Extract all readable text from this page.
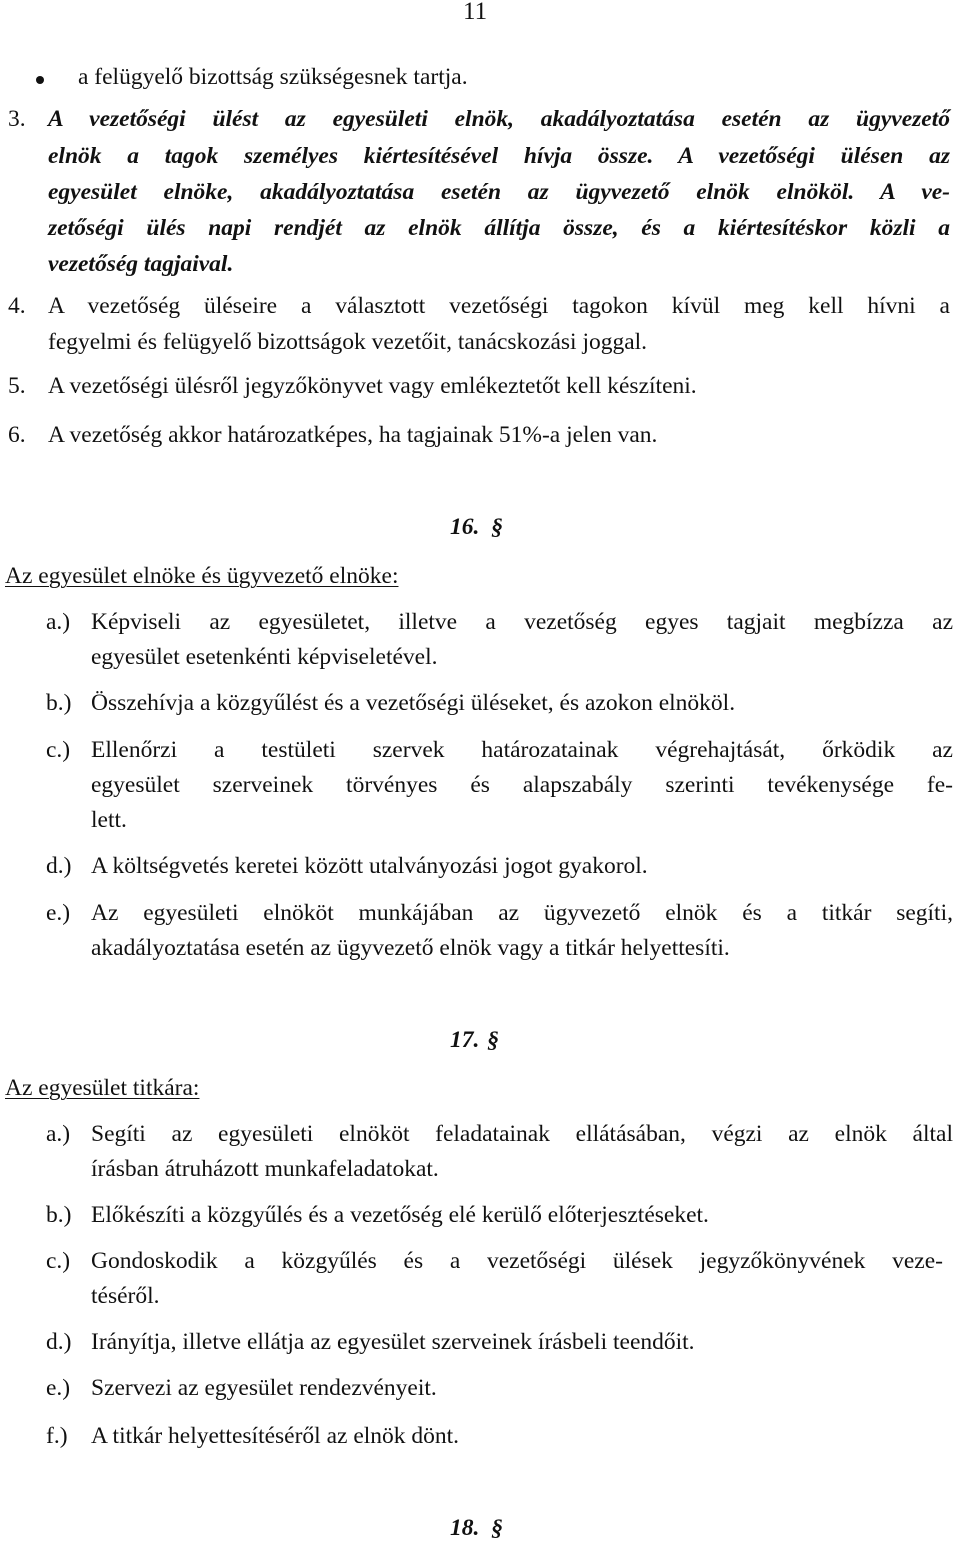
11
a felügyelő bizottság szükségesnek tartja.
3. A vezetőségi ülést az egyesületi elnök, akadályoztatása esetén az ügyvezető
elnök a tagok személyes kiértesítésével hívja össze. A vezetőségi ülésen az
egyesület elnöke, akadályoztatása esetén az ügyvezető elnök elnököl. A ve-
zetőségi ülés napi rendjét az elnök állítja össze, és a kiértesítéskor közli a
vezetőség tagjaival.
4. A vezetőség üléseire a választott vezetőségi tagokon kívül meg kell hívni a
fegyelmi és felügyelő bizottságok vezetőit, tanácskozási joggal.
5. A vezetőségi ülésről jegyzőkönyvet vagy emlékeztetőt kell készíteni.
6. A vezetőség akkor határozatképes, ha tagjainak 51%-a jelen van.
16. §
Az egyesület elnöke és ügyvezető elnöke:
a.) Képviseli az egyesületet, illetve a vezetőség egyes tagjait megbízza az
egyesület esetenkénti képviseletével.
b.) Összehívja a közgyűlést és a vezetőségi üléseket, és azokon elnököl.
c.) Ellenőrzi a testületi szervek határozatainak végrehajtását, őrködik az
egyesület szerveinek törvényes és alapszabály szerinti tevékenysége fe-
lett.
d.) A költségvetés keretei között utalványozási jogot gyakorol.
e.) Az egyesületi elnököt munkájában az ügyvezető elnök és a titkár segíti,
akadályoztatása esetén az ügyvezető elnök vagy a titkár helyettesíti.
17. §
Az egyesület titkára:
a.) Segíti az egyesületi elnököt feladatainak ellátásában, végzi az elnök által
írásban átruházott munkafeladatokat.
b.) Előkészíti a közgyűlés és a vezetőség elé kerülő előterjesztéseket.
c.) Gondoskodik a közgyűlés és a vezetőségi ülések jegyzőkönyvének veze-
téséről.
d.) Irányítja, illetve ellátja az egyesület szerveinek írásbeli teendőit.
e.) Szervezi az egyesület rendezvényeit.
f.) A titkár helyettesítéséről az elnök dönt.
18. §
